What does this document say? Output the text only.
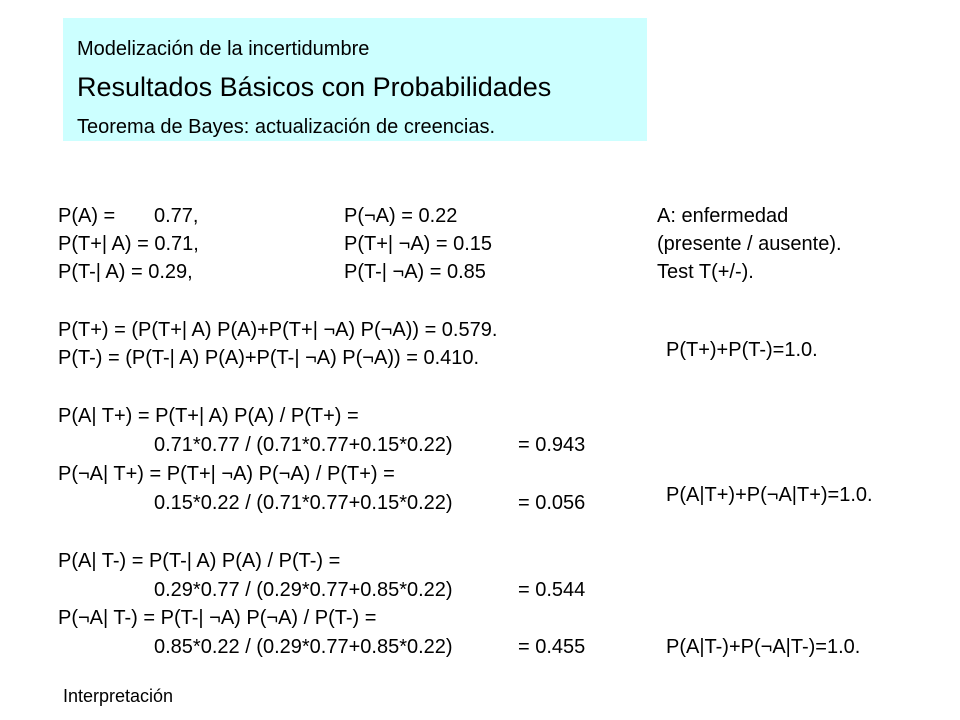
Modelización de la incertidumbre
Resultados Básicos con Probabilidades
Teorema de Bayes: actualización de creencias.
P(A) = 0.77,	P(¬A) = 0.22
P(T+| A) = 0.71,	P(T+| ¬A) = 0.15
P(T-| A) = 0.29,	P(T-| ¬A) = 0.85
A: enfermedad
(presente / ausente).
Test T(+/-).
P(T+) = (P(T+| A) P(A)+P(T+| ¬A) P(¬A)) = 0.579.
P(T-) = (P(T-| A) P(A)+P(T-| ¬A) P(¬A)) = 0.410.	P(T+)+P(T-)=1.0.
P(A| T+) = P(T+| A) P(A) / P(T+) =
0.71*0.77 / (0.71*0.77+0.15*0.22)	= 0.943
P(¬A| T+) = P(T+| ¬A) P(¬A) / P(T+) =
0.15*0.22 / (0.71*0.77+0.15*0.22)	= 0.056	P(A|T+)+P(¬A|T+)=1.0.
P(A| T-) = P(T-| A) P(A) / P(T-) =
0.29*0.77 / (0.29*0.77+0.85*0.22)	= 0.544
P(¬A| T-) = P(T-| ¬A) P(¬A) / P(T-) =
0.85*0.22 / (0.29*0.77+0.85*0.22)	= 0.455	P(A|T-)+P(¬A|T-)=1.0.
Interpretación
